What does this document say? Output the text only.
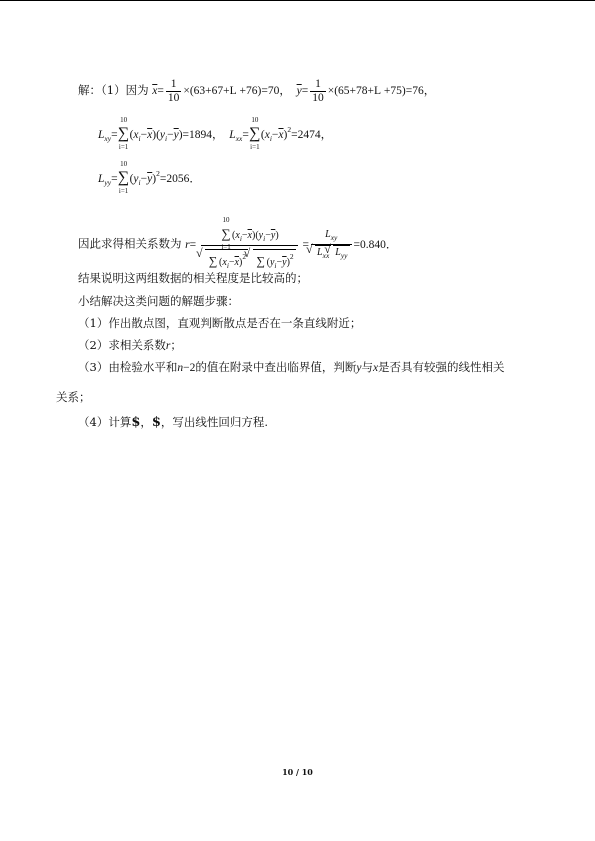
解：（1）因为 $\overline{x}= \frac{1}{10} \times(63+67+L +76)=70$，  $\overline{y}= \frac{1}{10} \times(65+78+L +75)=76$，
$L_{xy}=\sum$
10
i=1
$(x_i-\overline{x})(y_i-\overline{y})=1894$，  $L_{xx}=\sum$
10
i=1
$(x_i-\overline{x})^2=2474$，
$L_{yy}=\sum$
10
i=1
$(y_i-\overline{y})^2=2056$．
因此求得相关系数为 r= ∑
10
i=1
$(x_i-\overline{x})(y_i-\overline{y})$
√ ∑ $(x_i-\overline{x})^2$ √ ∑ $(y_i-\overline{y})^2 = L_{xy}$
√ $L_{xx}$ √ $L_{yy} =0.840$．
结果说明这两组数据的相关程度是比较高的；
小结解决这类问题的解题步骤：
（1）作出散点图，直观判断散点是否在一条直线附近；
（2）求相关系数r；
（3）由检验水平和n−2的值在附录中查出临界值，判断y与x是否具有较强的线性相关
关系；
（4）计算$，$，写出线性回归方程.
10 / 10
